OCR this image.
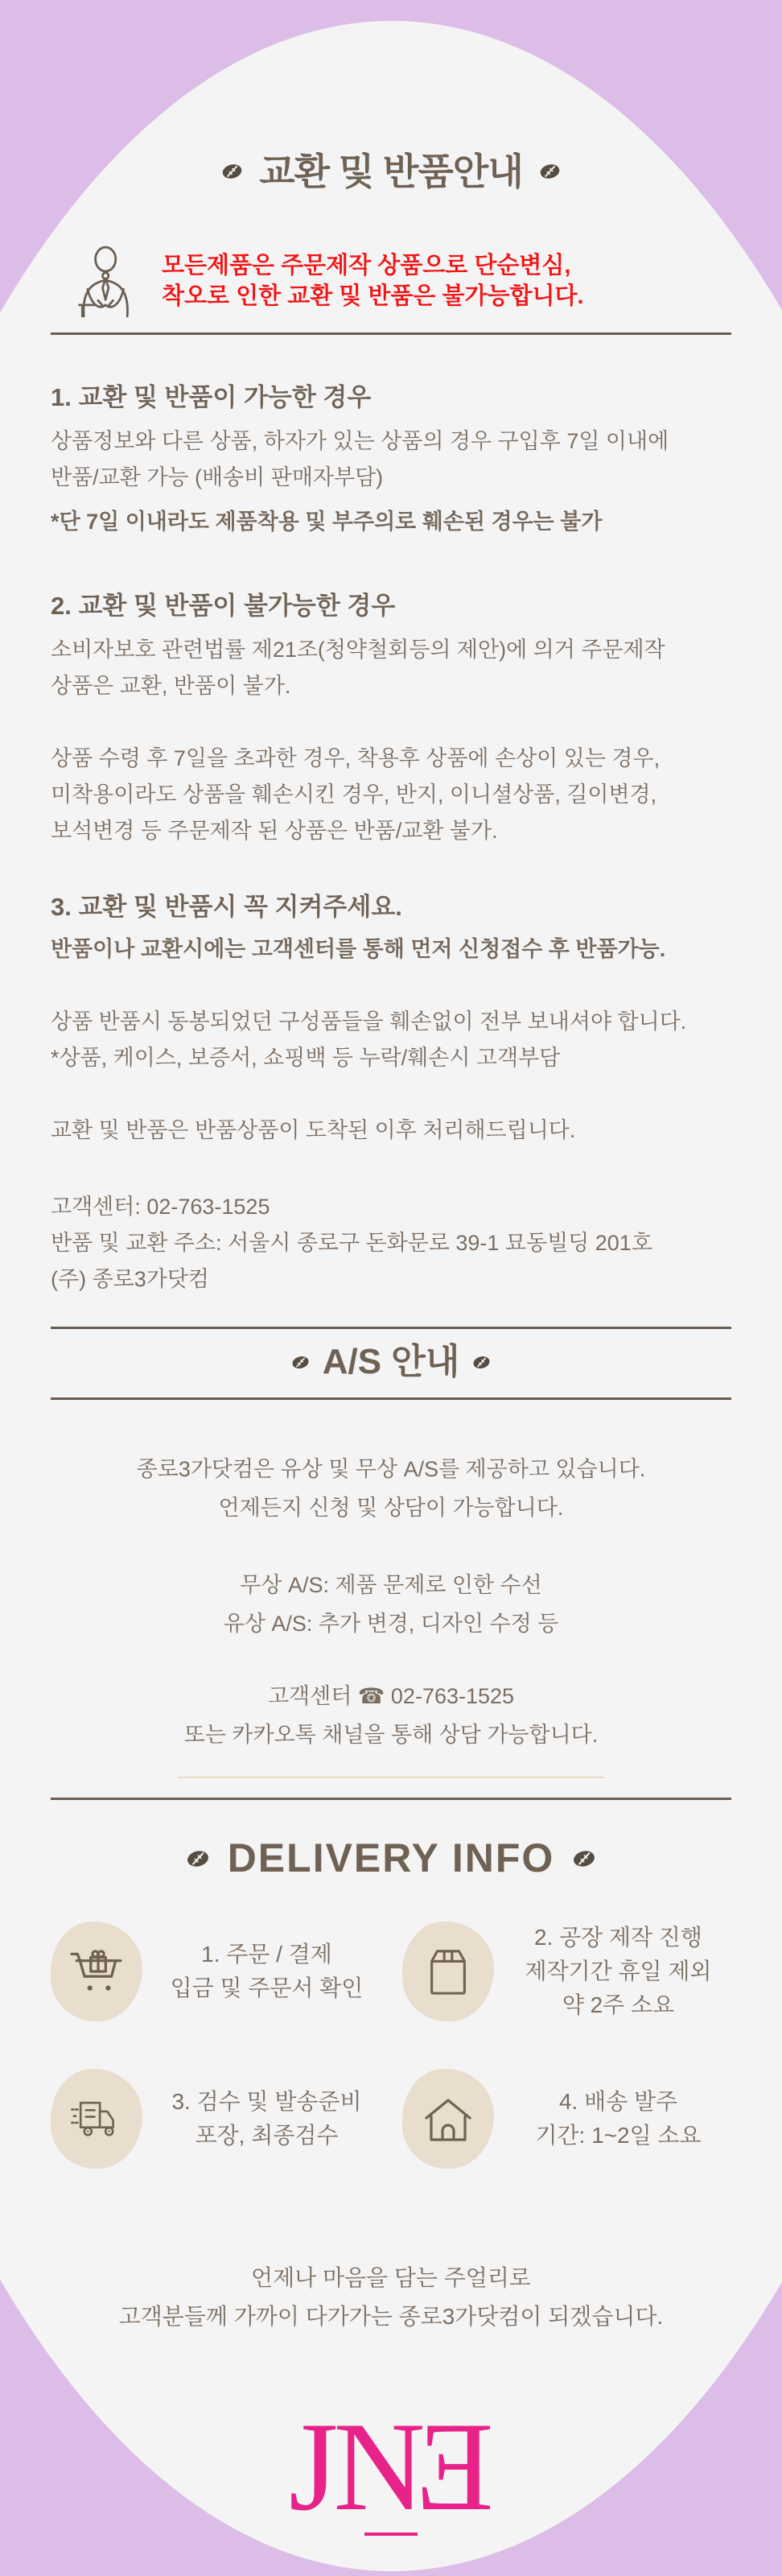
교환 및 반품안내
모든제품은 주문제작 상품으로 단순변심,
착오로 인한 교환 및 반품은 불가능합니다.
1. 교환 및 반품이 가능한 경우
상품정보와 다른 상품, 하자가 있는 상품의 경우 구입후 7일 이내에
반품/교환 가능 (배송비 판매자부담)
*단 7일 이내라도 제품착용 및 부주의로 훼손된 경우는 불가
2. 교환 및 반품이 불가능한 경우
소비자보호 관련법률 제21조(청약철회등의 제안)에 의거 주문제작
상품은 교환, 반품이 불가.
상품 수령 후 7일을 초과한 경우, 착용후 상품에 손상이 있는 경우,
미착용이라도 상품을 훼손시킨 경우, 반지, 이니셜상품, 길이변경,
보석변경 등 주문제작 된 상품은 반품/교환 불가.
3. 교환 및 반품시 꼭 지켜주세요.
반품이나 교환시에는 고객센터를 통해 먼저 신청접수 후 반품가능.
상품 반품시 동봉되었던 구성품들을 훼손없이 전부 보내셔야 합니다.
*상품, 케이스, 보증서, 쇼핑백 등 누락/훼손시 고객부담
교환 및 반품은 반품상품이 도착된 이후 처리해드립니다.
고객센터: 02-763-1525
반품 및 교환 주소: 서울시 종로구 돈화문로 39-1 묘동빌딩 201호
(주) 종로3가닷컴
A/S 안내
종로3가닷컴은 유상 및 무상 A/S를 제공하고 있습니다.
언제든지 신청 및 상담이 가능합니다.
무상 A/S: 제품 문제로 인한 수선
유상 A/S: 추가 변경, 디자인 수정 등
고객센터 ☎ 02-763-1525
또는 카카오톡 채널을 통해 상담 가능합니다.
DELIVERY INFO
1. 주문 / 결제
입금 및 주문서 확인
2. 공장 제작 진행
제작기간 휴일 제외
약 2주 소요
3. 검수 및 발송준비
포장, 최종검수
4. 배송 발주
기간: 1~2일 소요
언제나 마음을 담는 주얼리로
고객분들께 가까이 다가가는 종로3가닷컴이 되겠습니다.
JNE
